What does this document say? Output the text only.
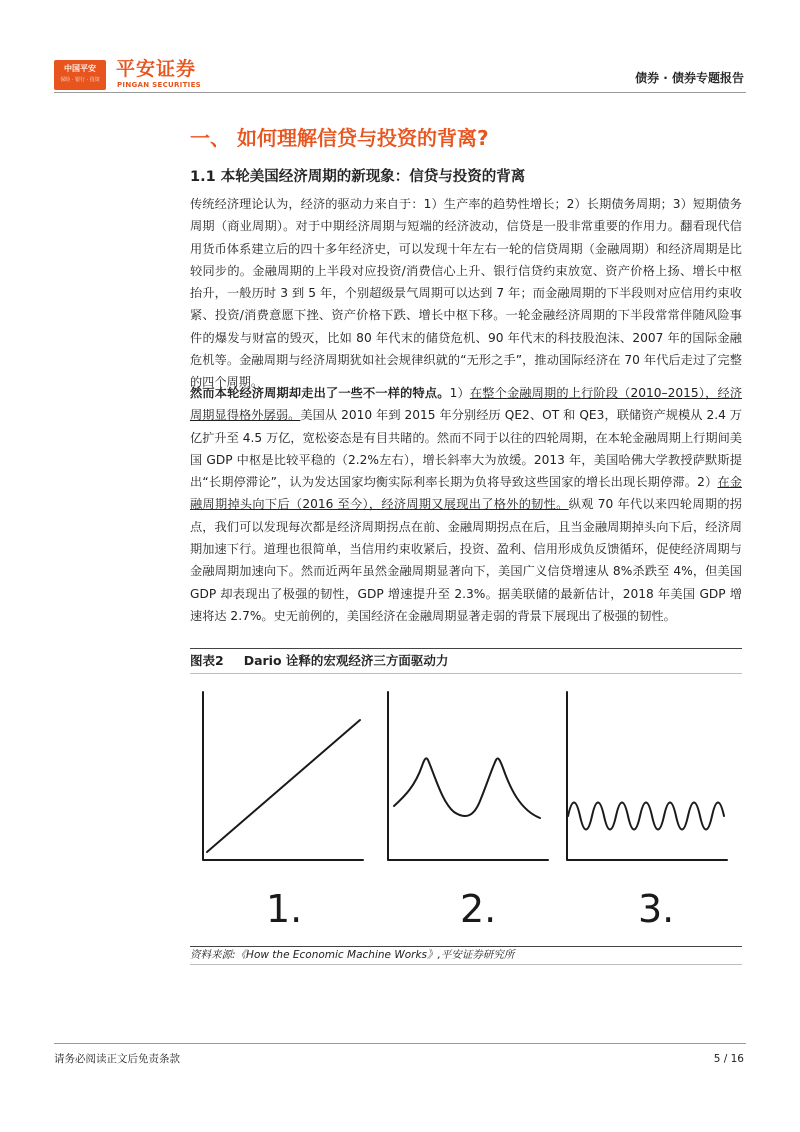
中国平安
保险 · 银行 · 投资 平安证券
PINGAN SECURITIES	债券 · 债券专题报告
一、 如何理解信贷与投资的背离?
1.1 本轮美国经济周期的新现象：信贷与投资的背离
传统经济理论认为，经济的驱动力来自于：1）生产率的趋势性增长；2）长期债务周期；3）短期债务周期（商业周期）。对于中期经济周期与短端的经济波动，信贷是一股非常重要的作用力。翻看现代信用货币体系建立后的四十多年经济史，可以发现十年左右一轮的信贷周期（金融周期）和经济周期是比较同步的。金融周期的上半段对应投资/消费信心上升、银行信贷约束放宽、资产价格上扬、增长中枢抬升，一般历时 3 到 5 年，个别超级景气周期可以达到 7 年；而金融周期的下半段则对应信用约束收紧、投资/消费意愿下挫、资产价格下跌、增长中枢下移。一轮金融经济周期的下半段常常伴随风险事件的爆发与财富的毁灭，比如 80 年代末的储贷危机、90 年代末的科技股泡沫、2007 年的国际金融危机等。金融周期与经济周期犹如社会规律织就的“无形之手”，推动国际经济在 70 年代后走过了完整的四个周期。
然而本轮经济周期却走出了一些不一样的特点。1）在整个金融周期的上行阶段（2010–2015），经济周期显得格外孱弱。美国从 2010 年到 2015 年分别经历 QE2、OT 和 QE3，联储资产规模从 2.4 万亿扩升至 4.5 万亿，宽松姿态是有目共睹的。然而不同于以往的四轮周期，在本轮金融周期上行期间美国 GDP 中枢是比较平稳的（2.2%左右），增长斜率大为放缓。2013 年，美国哈佛大学教授萨默斯提出“长期停滞论”，认为发达国家均衡实际利率长期为负将导致这些国家的增长出现长期停滞。2）在金融周期掉头向下后（2016 至今），经济周期又展现出了格外的韧性。纵观 70 年代以来四轮周期的拐点，我们可以发现每次都是经济周期拐点在前、金融周期拐点在后，且当金融周期掉头向下后，经济周期加速下行。道理也很简单，当信用约束收紧后，投资、盈利、信用形成负反馈循环，促使经济周期与金融周期加速向下。然而近两年虽然金融周期显著向下，美国广义信贷增速从 8%杀跌至 4%，但美国 GDP 却表现出了极强的韧性，GDP 增速提升至 2.3%。据美联储的最新估计，2018 年美国 GDP 增速将达 2.7%。史无前例的，美国经济在金融周期显著走弱的背景下展现出了极强的韧性。
图表2 Dario 诠释的宏观经济三方面驱动力
1.	2.	3.
资料来源:《How the Economic Machine Works》,平安证券研究所
请务必阅读正文后免责条款	5 / 16
